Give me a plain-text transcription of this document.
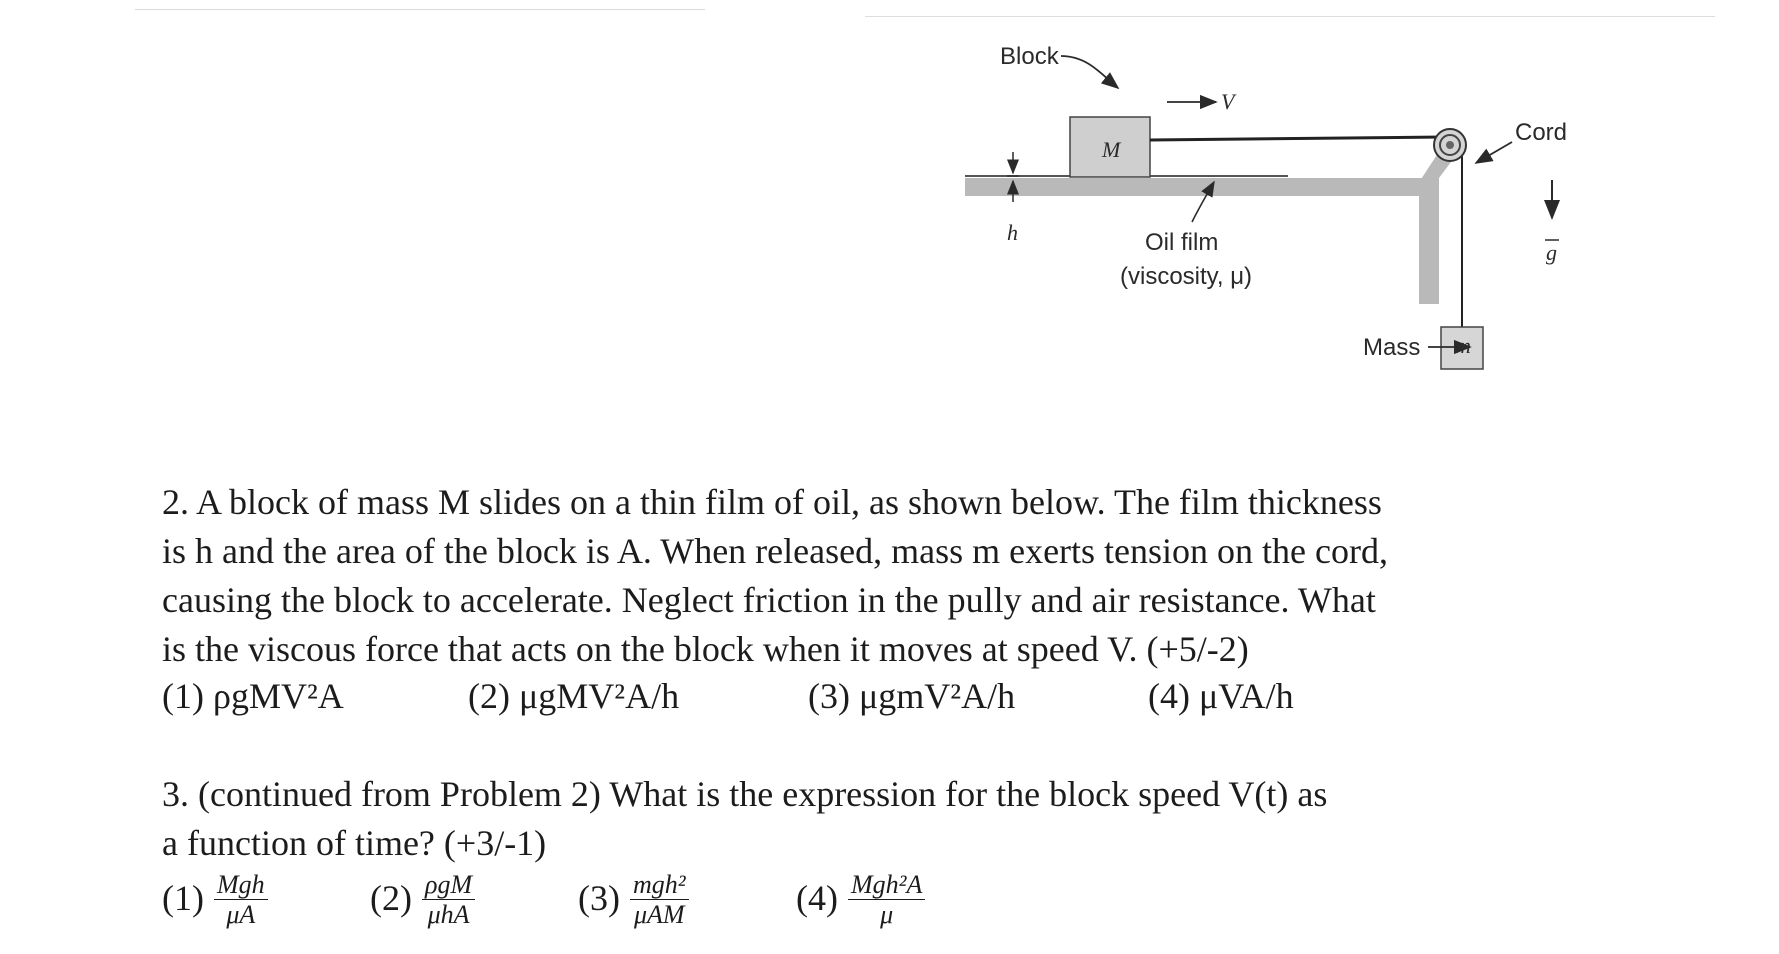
M
m
Block
V
Cord
g
h	Oil film
(viscosity, μ)
Mass
2. A block of mass M slides on a thin film of oil, as shown below. The film thickness
is h and the area of the block is A. When released, mass m exerts tension on the cord,
causing the block to accelerate. Neglect friction in the pully and air resistance. What
is the viscous force that acts on the block when it moves at speed V. (+5/-2)
(1) ρgMV²A	(2) μgMV²A/h	(3) μgmV²A/h	(4) μVA/h
3. (continued from Problem 2) What is the expression for the block speed V(t) as
a function of time? (+3/-1)
$(1) \frac{\text{Mgh}}{\mu A}$	$(2) \frac{\text{ρgM}}{\text{μhA}}$	$(3) \frac{\text{mgh²}}{\text{μAM}}$	$(4) \frac{\text{Mgh²A}}{\mu}$
